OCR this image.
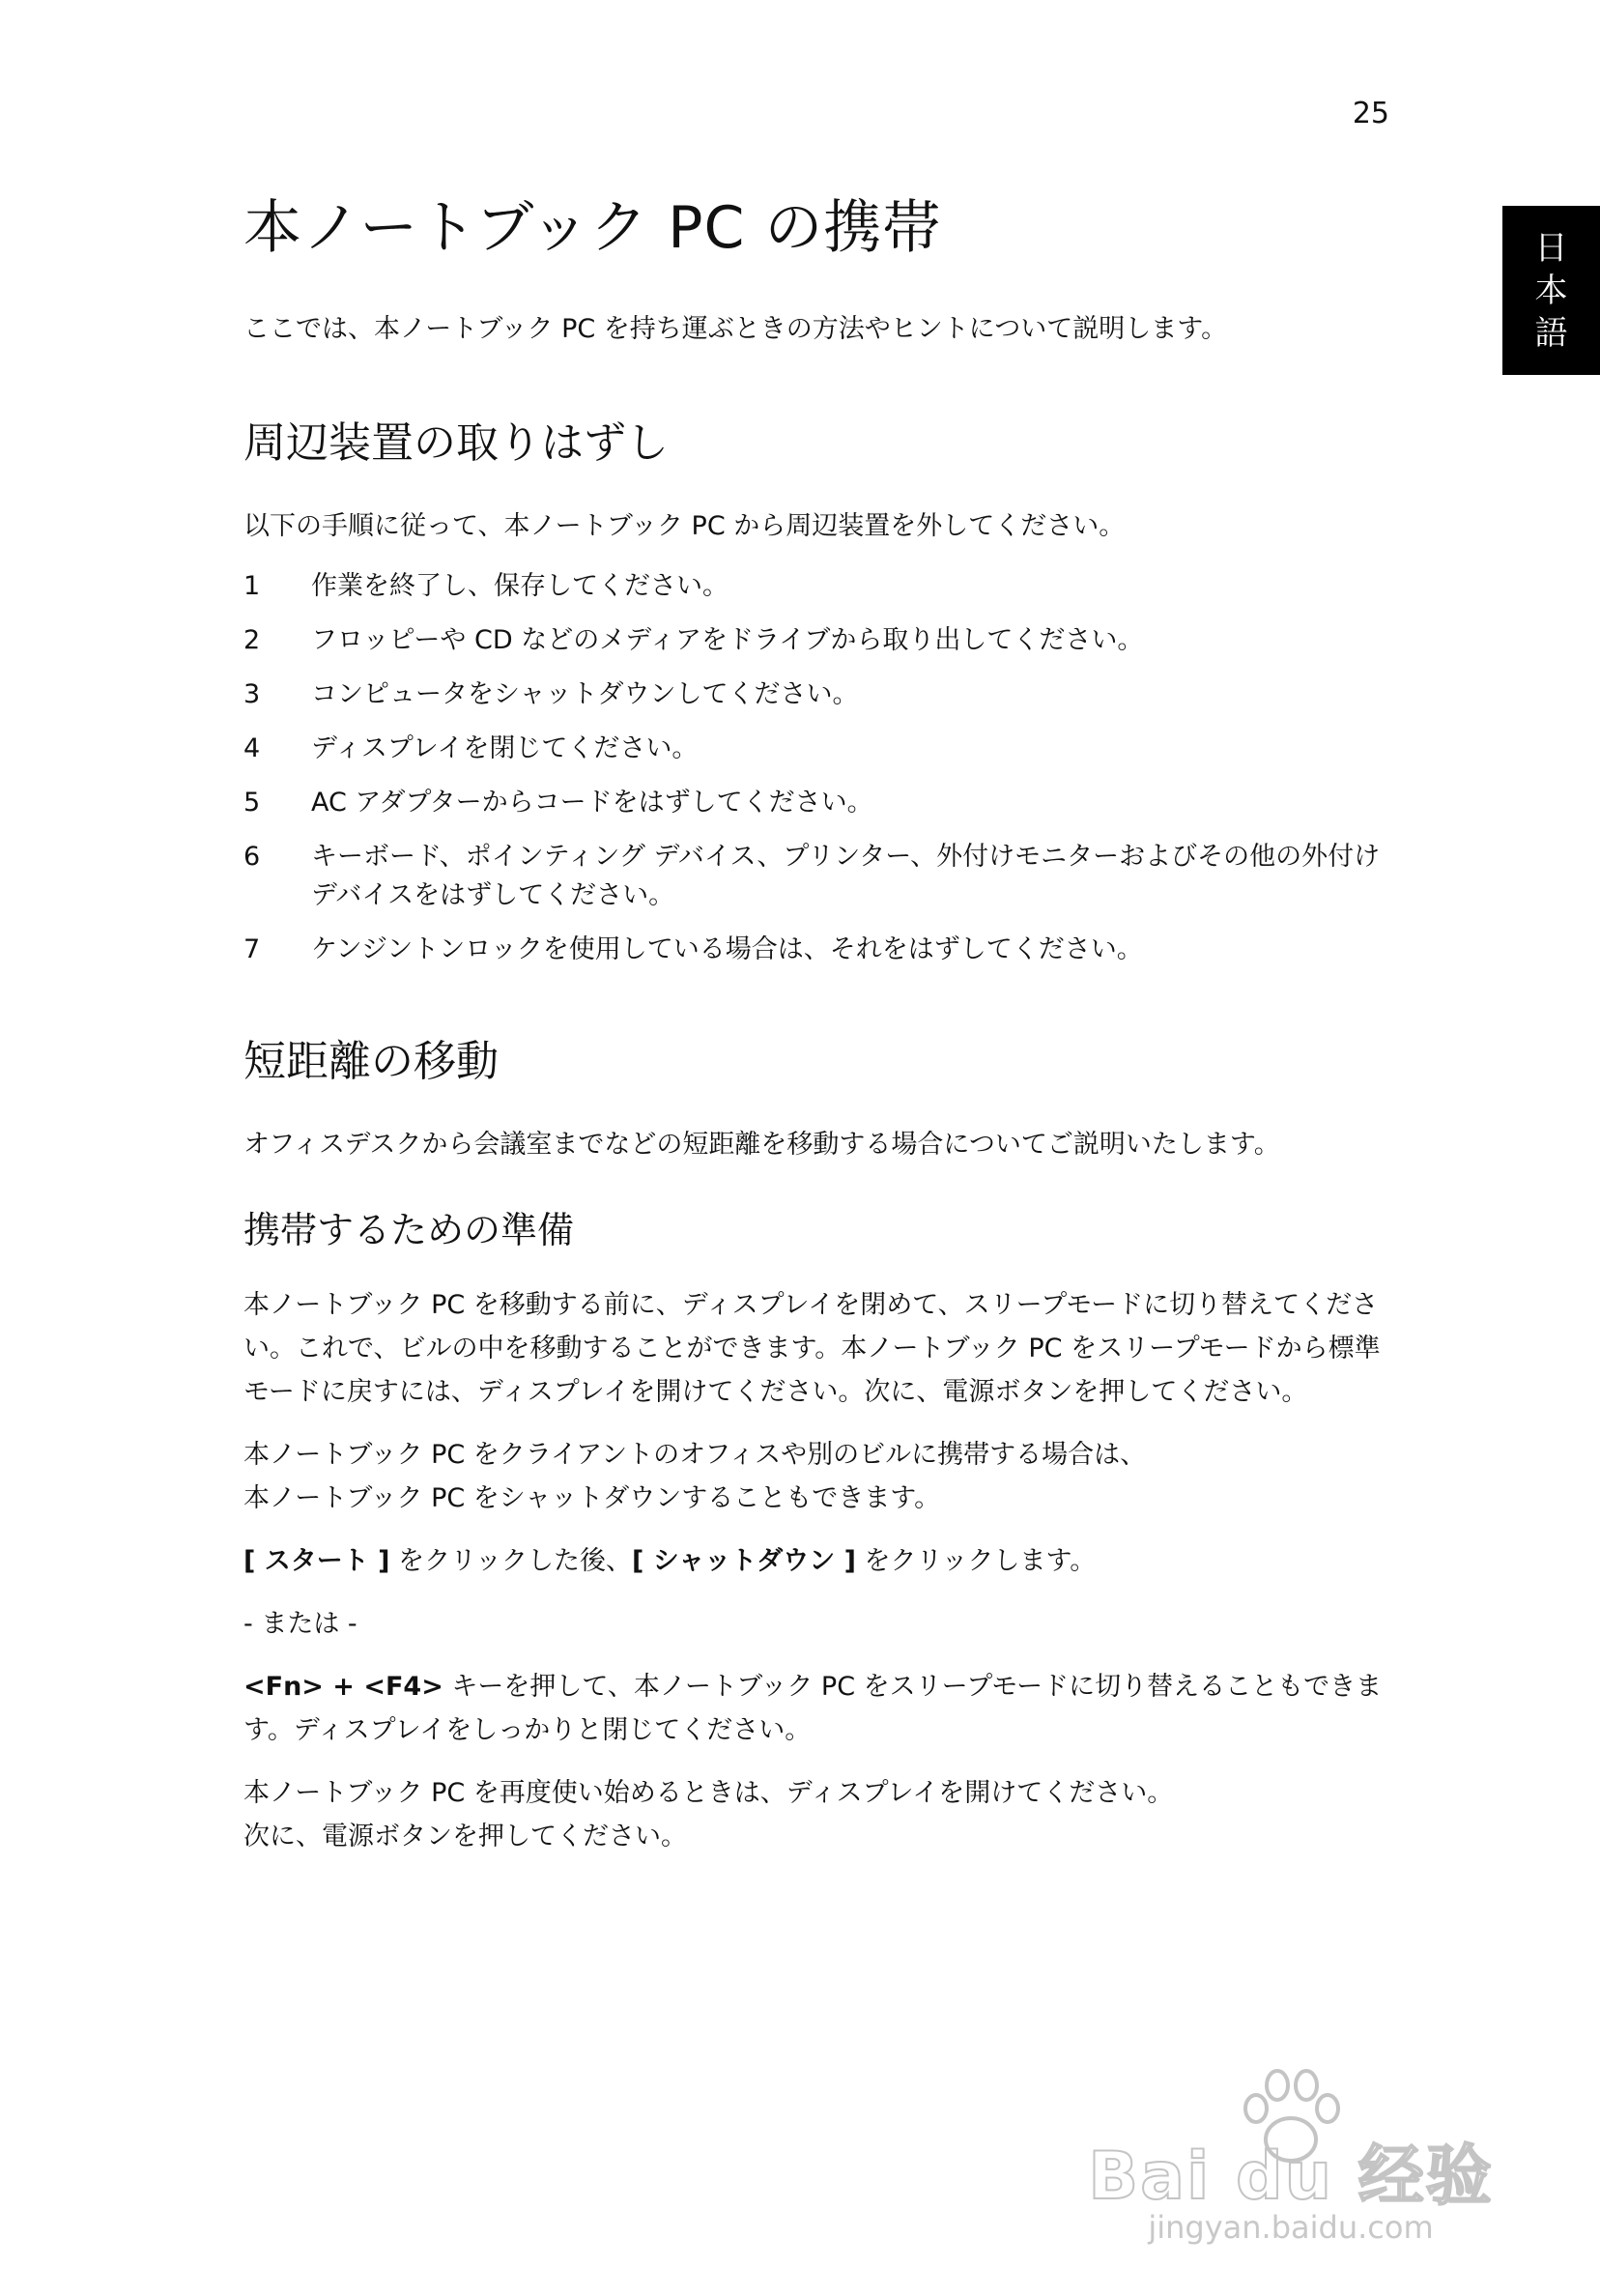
25
日
本
語
本ノートブック PC の携帯

ここでは、本ノートブック PC を持ち運ぶときの方法やヒントについて説明します。

周辺装置の取りはずし

以下の手順に従って、本ノートブック PC から周辺装置を外してください。

1	作業を終了し、保存してください。
2	フロッピーや CD などのメディアをドライブから取り出してください。
3	コンピュータをシャットダウンしてください。
4	ディスプレイを閉じてください。
5	AC アダプターからコードをはずしてください。
6	キーボード、ポインティング デバイス、プリンター、外付けモニターおよびその他の外付けデバイスをはずしてください。
7	ケンジントンロックを使用している場合は、それをはずしてください。
短距離の移動

オフィスデスクから会議室までなどの短距離を移動する場合についてご説明いたします。

携帯するための準備

本ノートブック PC を移動する前に、ディスプレイを閉めて、スリープモードに切り替えてください。これで、ビルの中を移動することができます。本ノートブック PC をスリープモードから標準モードに戻すには、ディスプレイを開けてください。次に、電源ボタンを押してください。

本ノートブック PC をクライアントのオフィスや別のビルに携帯する場合は、
本ノートブック PC をシャットダウンすることもできます。

[ スタート ] をクリックした後、[ シャットダウン ] をクリックします。

- または -

<Fn> + <F4> キーを押して、本ノートブック PC をスリープモードに切り替えることもできます。ディスプレイをしっかりと閉じてください。

本ノートブック PC を再度使い始めるときは、ディスプレイを開けてください。
次に、電源ボタンを押してください。

Bai du 经验
jingyan.baidu.com
